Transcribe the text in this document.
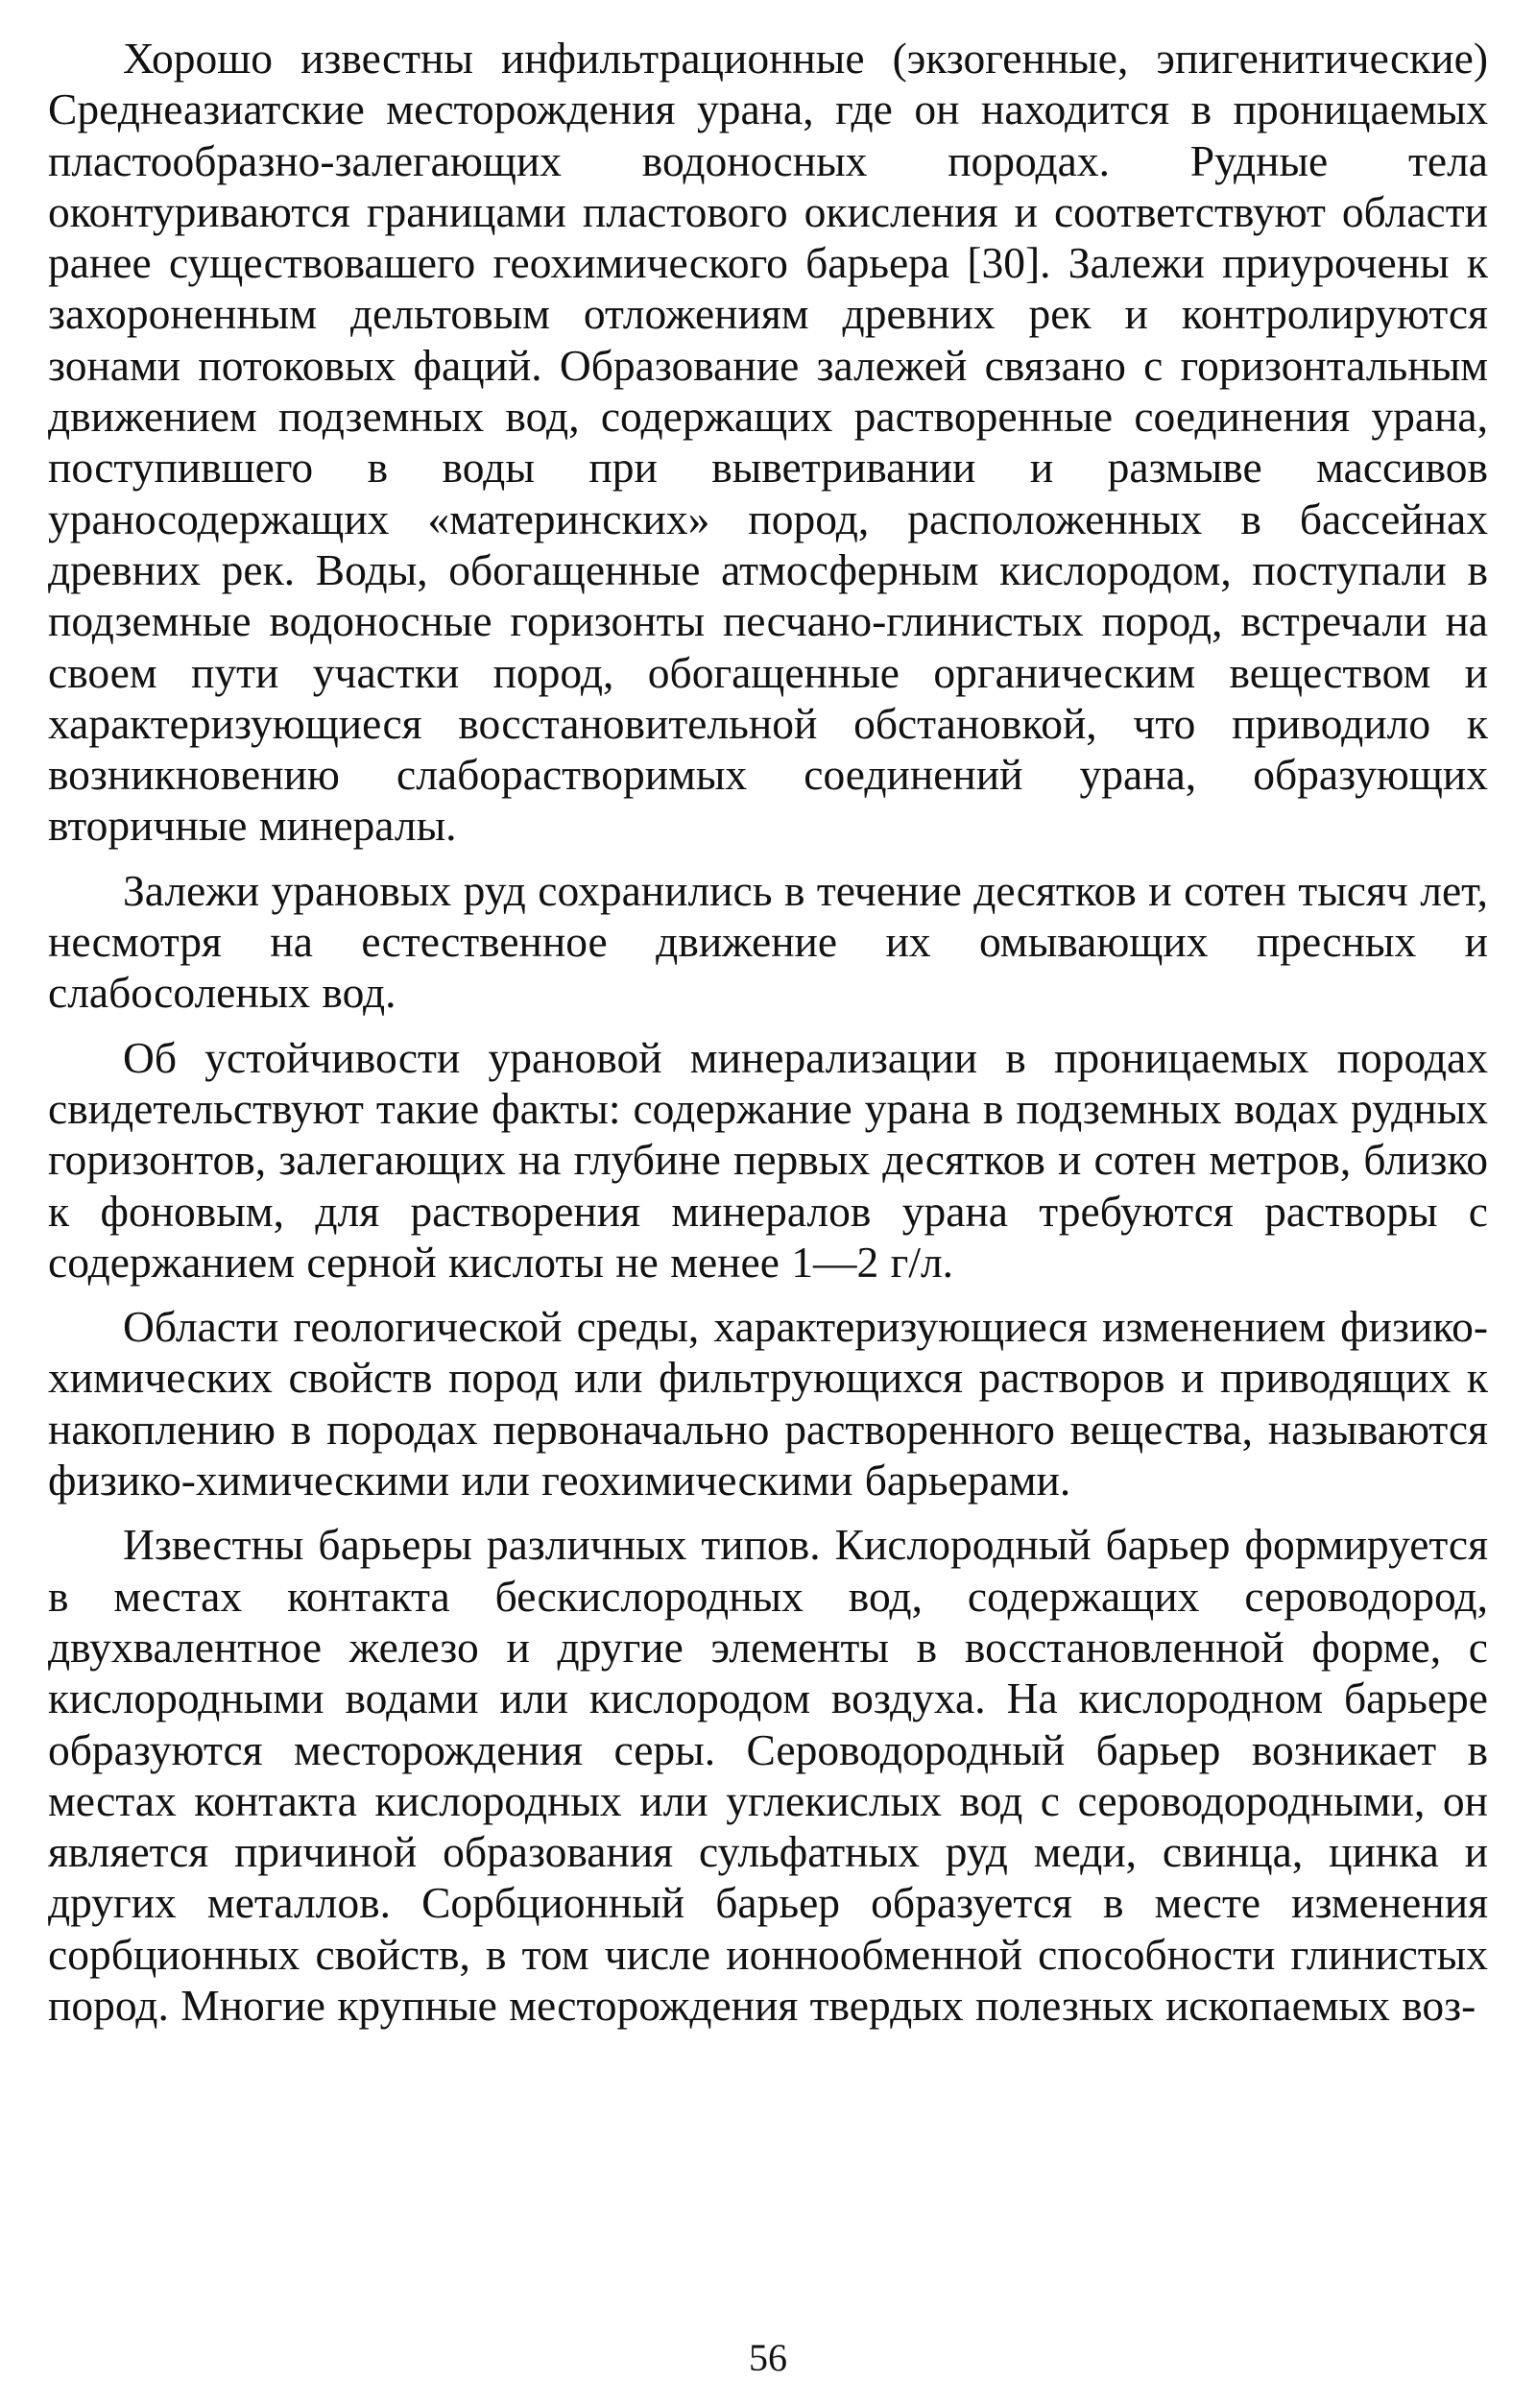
Хорошо известны инфильтрационные (экзогенные, эпигенитические) Среднеазиатские месторождения урана, где он находится в проницаемых пластообразно-залегающих водоносных породах. Рудные тела оконтуриваются границами пластового окисления и соответствуют области ранее существовашего геохимического барьера [30]. Залежи приурочены к захороненным дельтовым отложениям древних рек и контролируются зонами потоковых фаций. Образование залежей связано с горизонтальным движением подземных вод, содержащих растворенные соединения урана, поступившего в воды при выветривании и размыве массивов ураносодержащих «материнских» пород, расположенных в бассейнах древних рек. Воды, обогащенные атмосферным кислородом, поступали в подземные водоносные горизонты песчано-глинистых пород, встречали на своем пути участки пород, обогащенные органическим веществом и характеризующиеся восстановительной обстановкой, что приводило к возникновению слаборастворимых соединений урана, образующих вторичные минералы.

Залежи урановых руд сохранились в течение десятков и сотен тысяч лет, несмотря на естественное движение их омывающих пресных и слабосоленых вод.

Об устойчивости урановой минерализации в проницаемых породах свидетельствуют такие факты: содержание урана в подземных водах рудных горизонтов, залегающих на глубине первых десятков и сотен метров, близко к фоновым, для растворения минералов урана требуются растворы с содержанием серной кислоты не менее 1—2 г/л.

Области геологической среды, характеризующиеся изменением физико-химических свойств пород или фильтрующихся растворов и приводящих к накоплению в породах первоначально растворенного вещества, называются физико-химическими или геохимическими барьерами.

Известны барьеры различных типов. Кислородный барьер формируется в местах контакта бескислородных вод, содержащих сероводород, двухвалентное железо и другие элементы в восстановленной форме, с кислородными водами или кислородом воздуха. На кислородном барьере образуются месторождения серы. Сероводородный барьер возникает в местах контакта кислородных или углекислых вод с сероводородными, он является причиной образования сульфатных руд меди, свинца, цинка и других металлов. Сорбционный барьер образуется в месте изменения сорбционных свойств, в том числе ионнообменной способности глинистых пород. Многие крупные месторождения твердых полезных ископаемых воз-

56
